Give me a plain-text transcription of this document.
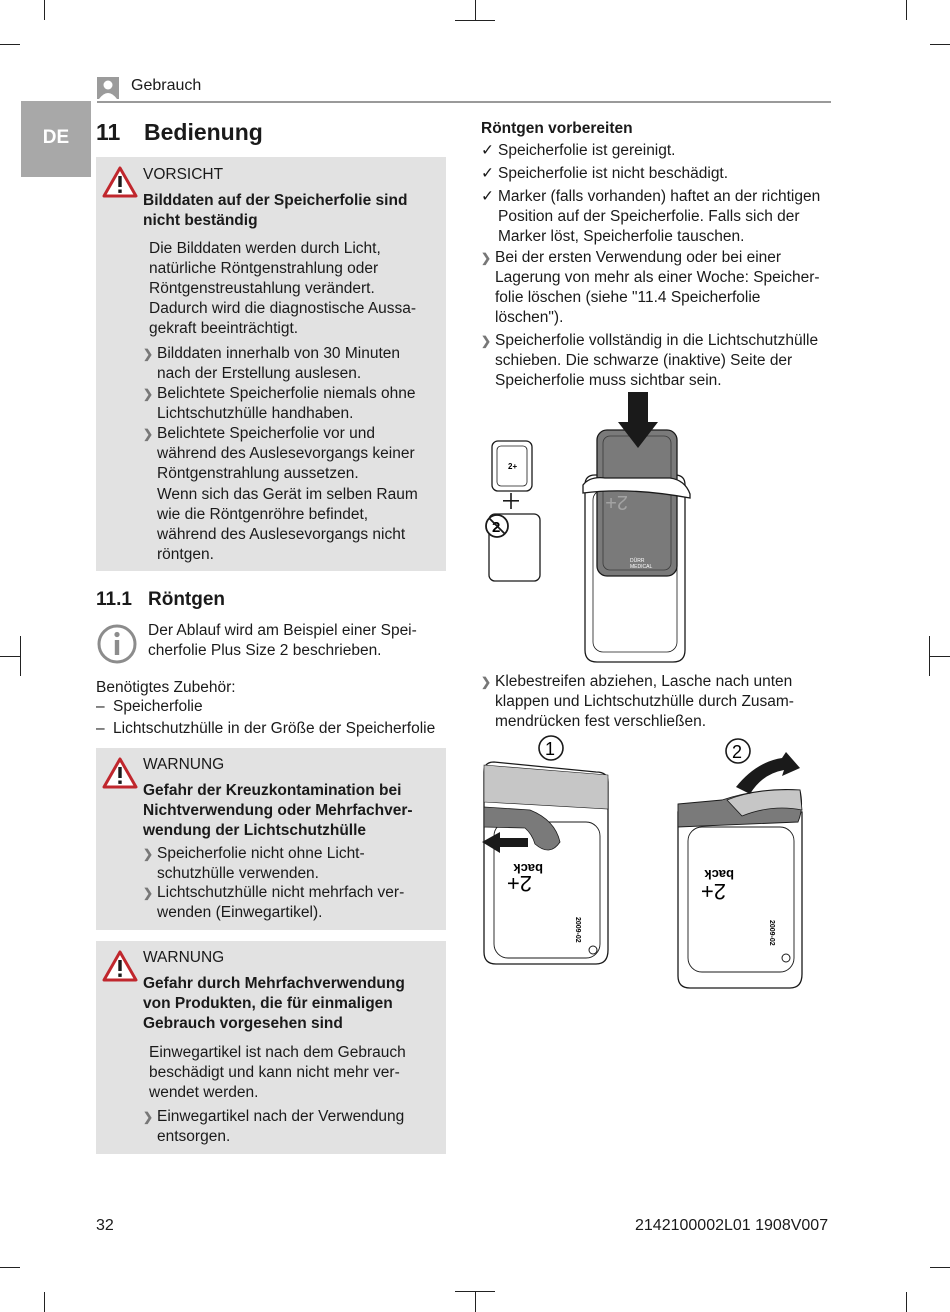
DE
Gebrauch
11 Bedienung
VORSICHT
Bilddaten auf der Speicherfolie sind
nicht beständig
Die Bilddaten werden durch Licht,
natürliche Röntgenstrahlung oder
Röntgenstreustahlung verändert.
Dadurch wird die diagnostische Aussa-
gekraft beeinträchtigt.
❯ Bilddaten innerhalb von 30 Minuten
nach der Erstellung auslesen.
❯ Belichtete Speicherfolie niemals ohne
Lichtschutzhülle handhaben.
❯ Belichtete Speicherfolie vor und
während des Auslesevorgangs keiner
Röntgenstrahlung aussetzen.
Wenn sich das Gerät im selben Raum
wie die Röntgenröhre befindet,
während des Auslesevorgangs nicht
röntgen.
11.1 Röntgen
Der Ablauf wird am Beispiel einer Spei-
cherfolie Plus Size 2 beschrieben.
Benötigtes Zubehör:
– Speicherfolie
– Lichtschutzhülle in der Größe der Speicherfolie
WARNUNG
Gefahr der Kreuzkontamination bei
Nichtverwendung oder Mehrfachver-
wendung der Lichtschutzhülle
❯ Speicherfolie nicht ohne Licht-
schutzhülle verwenden.
❯ Lichtschutzhülle nicht mehrfach ver-
wenden (Einwegartikel).
WARNUNG
Gefahr durch Mehrfachverwendung
von Produkten, die für einmaligen
Gebrauch vorgesehen sind
Einwegartikel ist nach dem Gebrauch
beschädigt und kann nicht mehr ver-
wendet werden.
❯ Einwegartikel nach der Verwendung
entsorgen.
Röntgen vorbereiten
✓ Speicherfolie ist gereinigt.
✓ Speicherfolie ist nicht beschädigt.
✓ Marker (falls vorhanden) haftet an der richtigen
Position auf der Speicherfolie. Falls sich der
Marker löst, Speicherfolie tauschen.
❯ Bei der ersten Verwendung oder bei einer
Lagerung von mehr als einer Woche: Speicher-
folie löschen (siehe "11.4 Speicherfolie
löschen").
❯ Speicherfolie vollständig in die Lichtschutzhülle
schieben. Die schwarze (inaktive) Seite der
Speicherfolie muss sichtbar sein.
2+
2
2+
DÜRR
MEDICAL
❯ Klebestreifen abziehen, Lasche nach unten
klappen und Lichtschutzhülle durch Zusam-
mendrücken fest verschließen.
1
back
2+
2009-02
2
back
2+
2009-02
32	2142100002L01 1908V007
